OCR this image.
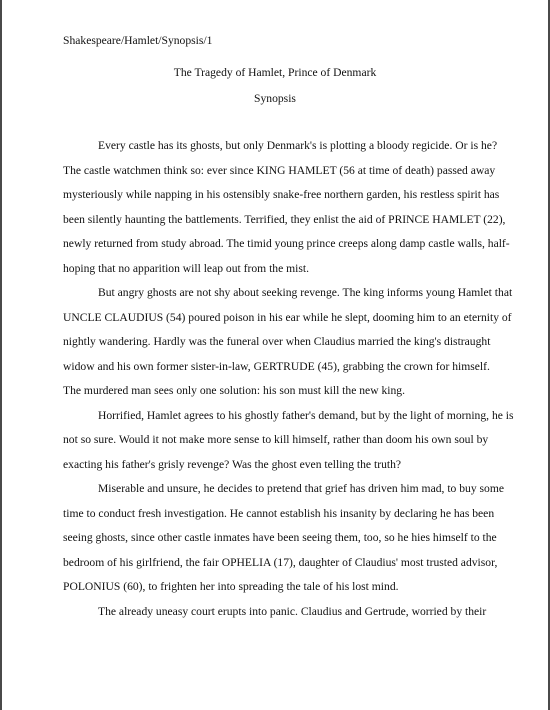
Shakespeare/Hamlet/Synopsis/1
The Tragedy of Hamlet, Prince of Denmark
Synopsis
Every castle has its ghosts, but only Denmark's is plotting a bloody regicide. Or is he?
The castle watchmen think so: ever since KING HAMLET (56 at time of death) passed away
mysteriously while napping in his ostensibly snake-free northern garden, his restless spirit has
been silently haunting the battlements. Terrified, they enlist the aid of PRINCE HAMLET (22),
newly returned from study abroad. The timid young prince creeps along damp castle walls, half-
hoping that no apparition will leap out from the mist.
But angry ghosts are not shy about seeking revenge. The king informs young Hamlet that
UNCLE CLAUDIUS (54) poured poison in his ear while he slept, dooming him to an eternity of
nightly wandering. Hardly was the funeral over when Claudius married the king's distraught
widow and his own former sister-in-law, GERTRUDE (45), grabbing the crown for himself.
The murdered man sees only one solution: his son must kill the new king.
Horrified, Hamlet agrees to his ghostly father's demand, but by the light of morning, he is
not so sure. Would it not make more sense to kill himself, rather than doom his own soul by
exacting his father's grisly revenge? Was the ghost even telling the truth?
Miserable and unsure, he decides to pretend that grief has driven him mad, to buy some
time to conduct fresh investigation. He cannot establish his insanity by declaring he has been
seeing ghosts, since other castle inmates have been seeing them, too, so he hies himself to the
bedroom of his girlfriend, the fair OPHELIA (17), daughter of Claudius' most trusted advisor,
POLONIUS (60), to frighten her into spreading the tale of his lost mind.
The already uneasy court erupts into panic. Claudius and Gertrude, worried by their
